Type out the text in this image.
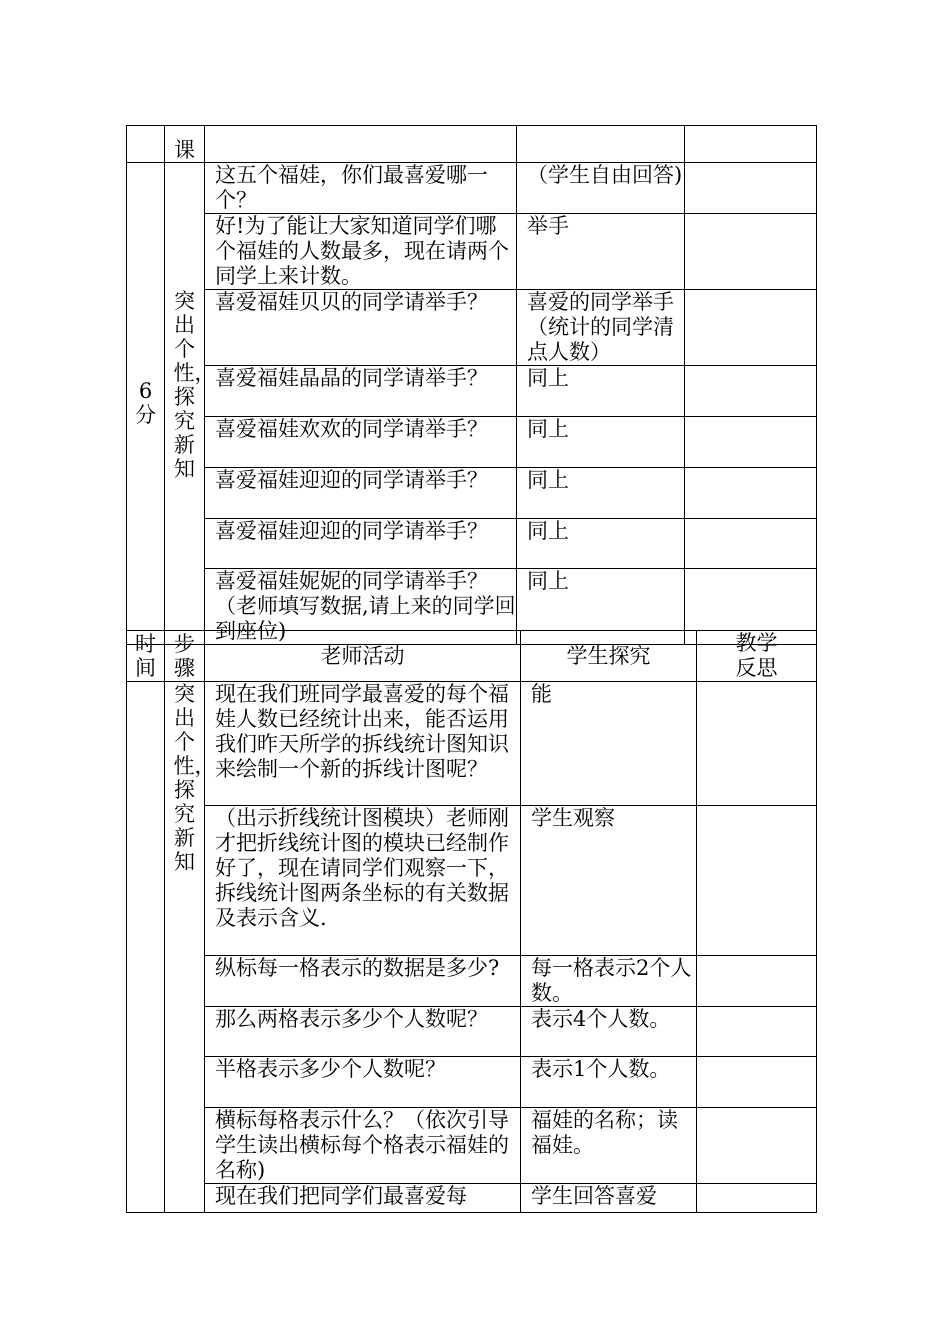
	课			

6分	突出个性，探究新知	这五个福娃，你们最喜爱哪一个？	（学生自由回答)	
		好!为了能让大家知道同学们哪个福娃的人数最多，现在请两个同学上来计数。	举手	
		喜爱福娃贝贝的同学请举手？	喜爱的同学举手（统计的同学清点人数）	
		喜爱福娃晶晶的同学请举手？	同上	
		喜爱福娃欢欢的同学请举手？	同上	
		喜爱福娃迎迎的同学请举手？	同上	
		喜爱福娃迎迎的同学请举手？	同上	
		喜爱福娃妮妮的同学请举手？（老师填写数据,请上来的同学回到座位)	同上	
时间	步骤	老师活动	学生探究	教学反思

	突出个性，探究新知	现在我们班同学最喜爱的每个福娃人数已经统计出来，能否运用我们昨天所学的拆线统计图知识来绘制一个新的拆线计图呢？	能	
		（出示折线统计图模块）老师刚才把折线统计图的模块已经制作好了，现在请同学们观察一下，拆线统计图两条坐标的有关数据及表示含义.	学生观察	
		纵标每一格表示的数据是多少?	每一格表示2个人数。	
		那么两格表示多少个人数呢？	表示4个人数。	
		半格表示多少个人数呢？	表示1个人数。	
		横标每格表示什么？（依次引导学生读出横标每个格表示福娃的名称)	福娃的名称；读福娃。	
		现在我们把同学们最喜爱每	学生回答喜爱	
